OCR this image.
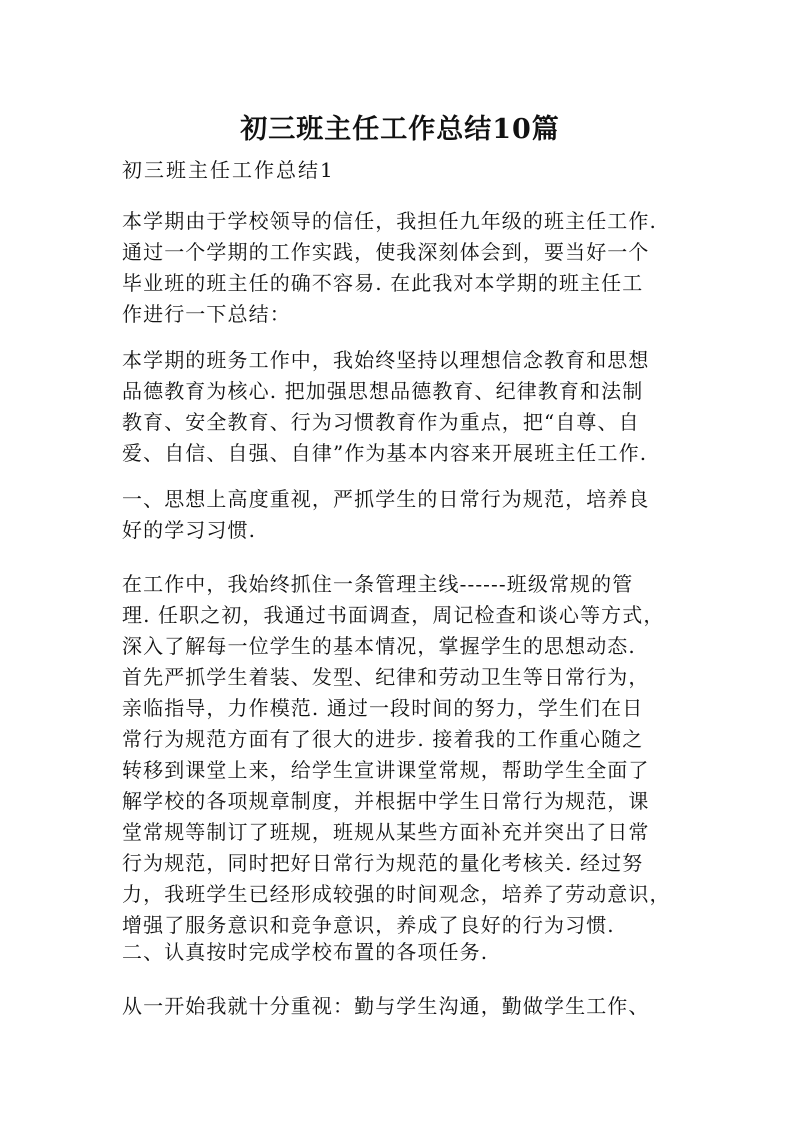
初三班主任工作总结10篇

初三班主任工作总结1

本学期由于学校领导的信任，我担任九年级的班主任工作.
通过一个学期的工作实践，使我深刻体会到，要当好一个
毕业班的班主任的确不容易. 在此我对本学期的班主任工
作进行一下总结：

本学期的班务工作中，我始终坚持以理想信念教育和思想
品德教育为核心. 把加强思想品德教育、纪律教育和法制
教育、安全教育、行为习惯教育作为重点，把“自尊、自
爱、自信、自强、自律”作为基本内容来开展班主任工作.

一、思想上高度重视，严抓学生的日常行为规范，培养良
好的学习习惯.

在工作中，我始终抓住一条管理主线------班级常规的管
理. 任职之初，我通过书面调查，周记检查和谈心等方式，
深入了解每一位学生的基本情况，掌握学生的思想动态.
首先严抓学生着装、发型、纪律和劳动卫生等日常行为，
亲临指导，力作模范. 通过一段时间的努力，学生们在日
常行为规范方面有了很大的进步. 接着我的工作重心随之
转移到课堂上来，给学生宣讲课堂常规，帮助学生全面了
解学校的各项规章制度，并根据中学生日常行为规范，课
堂常规等制订了班规，班规从某些方面补充并突出了日常
行为规范，同时把好日常行为规范的量化考核关. 经过努
力，我班学生已经形成较强的时间观念，培养了劳动意识，
增强了服务意识和竞争意识，养成了良好的行为习惯.

二、认真按时完成学校布置的各项任务.

从一开始我就十分重视：勤与学生沟通，勤做学生工作、
